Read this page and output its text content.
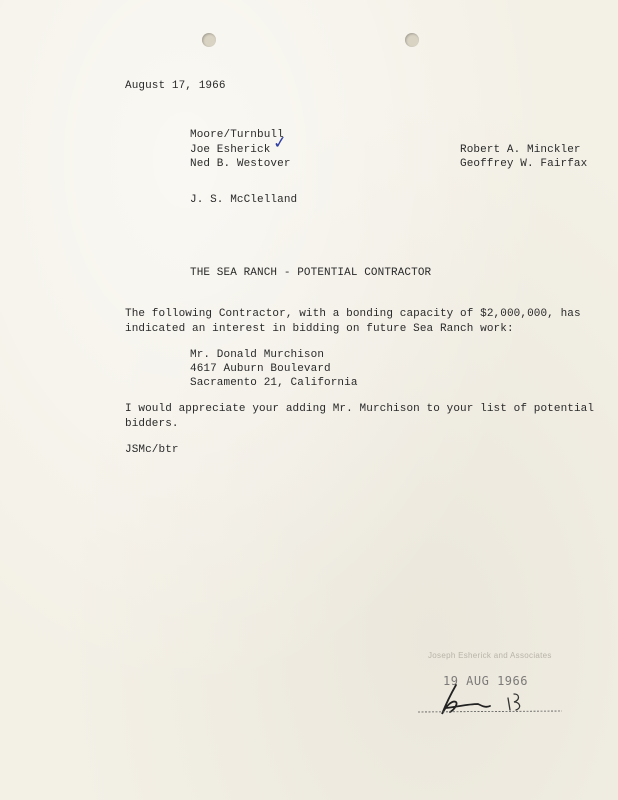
August 17, 1966
Moore/Turnbull
Joe Esherick
Ned B. Westover
✓	Robert A. Minckler
Geoffrey W. Fairfax
J. S. McClelland
THE SEA RANCH - POTENTIAL CONTRACTOR
The following Contractor, with a bonding capacity of $2,000,000, has
indicated an interest in bidding on future Sea Ranch work:
Mr. Donald Murchison
4617 Auburn Boulevard
Sacramento 21, California
I would appreciate your adding Mr. Murchison to your list of potential
bidders.
JSMc/btr
Joseph Esherick and Associates
19 AUG 1966
